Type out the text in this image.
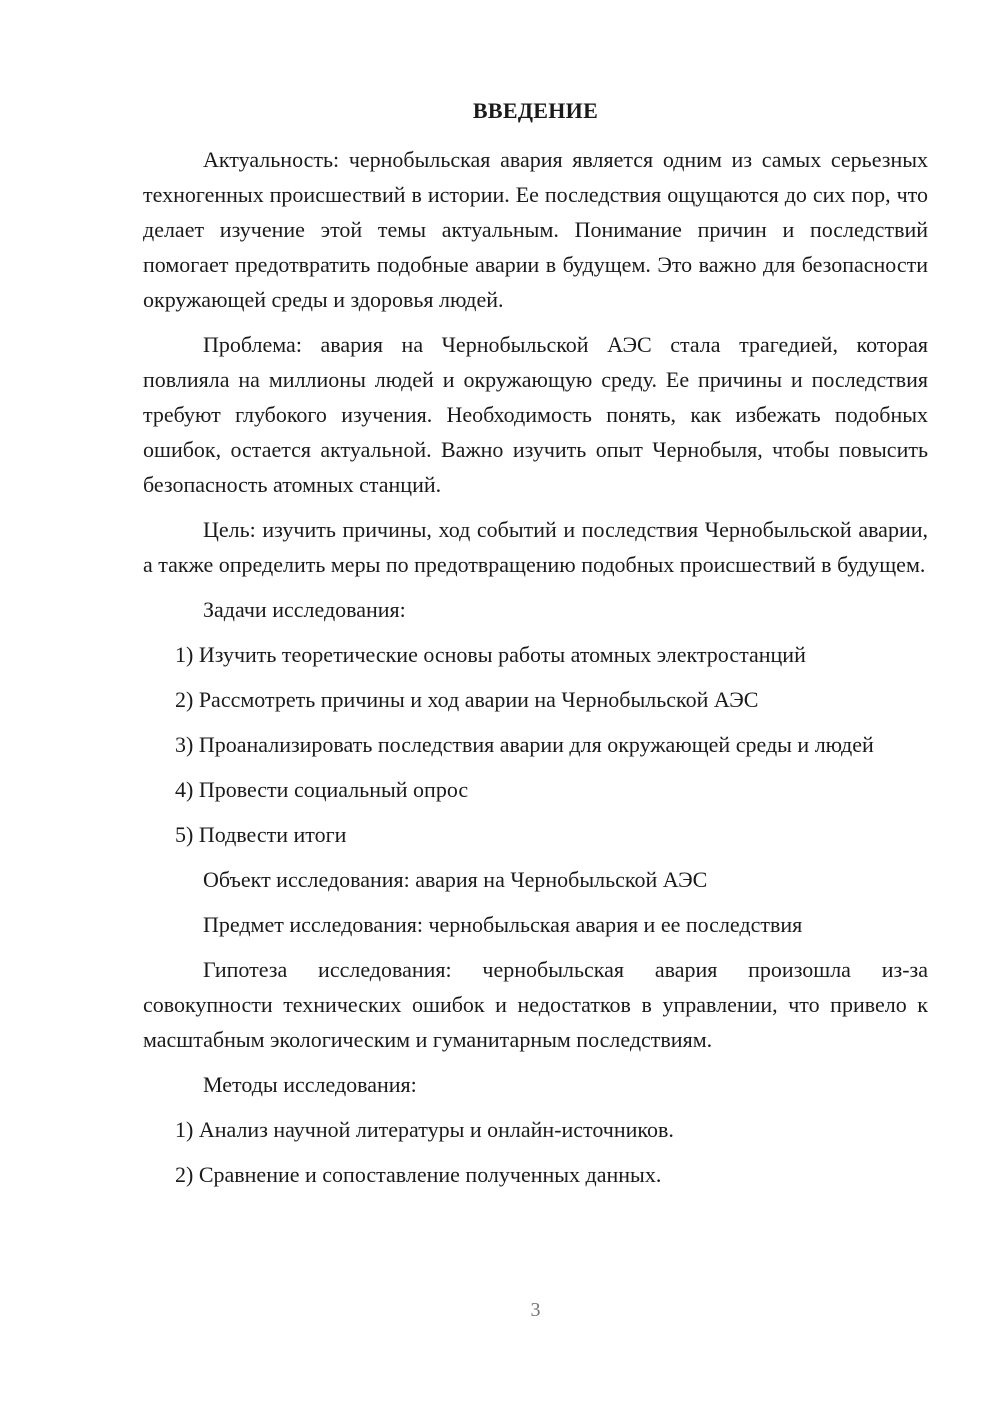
ВВЕДЕНИЕ

Актуальность: чернобыльская авария является одним из самых серьезных техногенных происшествий в истории. Ее последствия ощущаются до сих пор, что делает изучение этой темы актуальным. Понимание причин и последствий помогает предотвратить подобные аварии в будущем. Это важно для безопасности окружающей среды и здоровья людей.

Проблема: авария на Чернобыльской АЭС стала трагедией, которая повлияла на миллионы людей и окружающую среду. Ее причины и последствия требуют глубокого изучения. Необходимость понять, как избежать подобных ошибок, остается актуальной. Важно изучить опыт Чернобыля, чтобы повысить безопасность атомных станций.

Цель: изучить причины, ход событий и последствия Чернобыльской аварии, а также определить меры по предотвращению подобных происшествий в будущем.

Задачи исследования:

1) Изучить теоретические основы работы атомных электростанций

2) Рассмотреть причины и ход аварии на Чернобыльской АЭС

3) Проанализировать последствия аварии для окружающей среды и людей

4) Провести социальный опрос

5) Подвести итоги

Объект исследования: авария на Чернобыльской АЭС

Предмет исследования: чернобыльская авария и ее последствия

Гипотеза исследования: чернобыльская авария произошла из-за совокупности технических ошибок и недостатков в управлении, что привело к масштабным экологическим и гуманитарным последствиям.

Методы исследования:

1) Анализ научной литературы и онлайн-источников.

2) Сравнение и сопоставление полученных данных.

3
